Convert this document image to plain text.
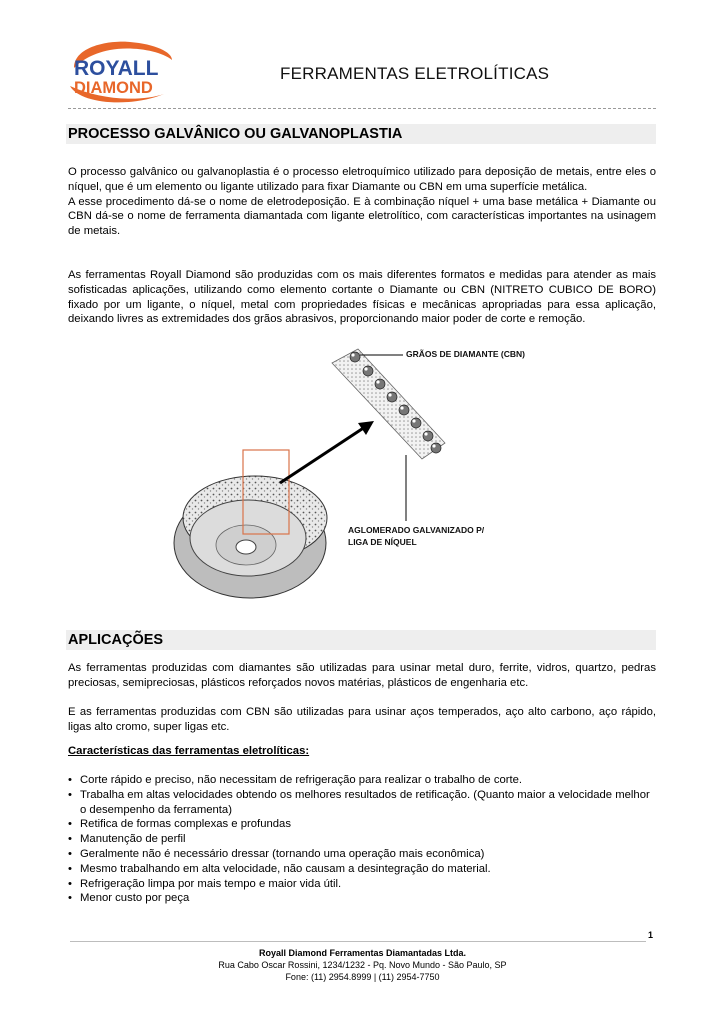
ROYALL
DIAMOND
FERRAMENTAS ELETROLÍTICAS
PROCESSO GALVÂNICO OU GALVANOPLASTIA

O processo galvânico ou galvanoplastia é o processo eletroquímico utilizado para deposição de metais, entre eles o níquel, que é um elemento ou ligante utilizado para fixar Diamante ou CBN em uma superfície metálica.

A esse procedimento dá-se o nome de eletrodeposição. E à combinação níquel + uma base metálica + Diamante ou CBN dá-se o nome de ferramenta diamantada com ligante eletrolítico, com características importantes na usinagem de metais.

As ferramentas Royall Diamond são produzidas com os mais diferentes formatos e medidas para atender as mais sofisticadas aplicações, utilizando como elemento cortante o Diamante ou CBN (NITRETO CUBICO DE BORO) fixado por um ligante, o níquel, metal com propriedades físicas e mecânicas apropriadas para essa aplicação, deixando livres as extremidades dos grãos abrasivos, proporcionando maior poder de corte e remoção.
GRÃOS DE DIAMANTE (CBN)
AGLOMERADO GALVANIZADO P/
LIGA DE NÍQUEL
APLICAÇÕES
As ferramentas produzidas com diamantes são utilizadas para usinar metal duro, ferrite, vidros, quartzo, pedras preciosas, semipreciosas, plásticos reforçados novos matérias, plásticos de engenharia etc.
E as ferramentas produzidas com CBN são utilizadas para usinar aços temperados, aço alto carbono, aço rápido, ligas alto cromo, super ligas etc.
Características das ferramentas eletrolíticas:
• Corte rápido e preciso, não necessitam de refrigeração para realizar o trabalho de corte.
• Trabalha em altas velocidades obtendo os melhores resultados de retificação. (Quanto maior a velocidade melhor o desempenho da ferramenta)
• Retifica de formas complexas e profundas
• Manutenção de perfil
• Geralmente não é necessário dressar (tornando uma operação mais econômica)
• Mesmo trabalhando em alta velocidade, não causam a desintegração do material.
• Refrigeração limpa por mais tempo e maior vida útil.
• Menor custo por peça
1
Royall Diamond Ferramentas Diamantadas Ltda.
Rua Cabo Oscar Rossini, 1234/1232 - Pq. Novo Mundo - São Paulo, SP
Fone: (11) 2954.8999 | (11) 2954-7750
